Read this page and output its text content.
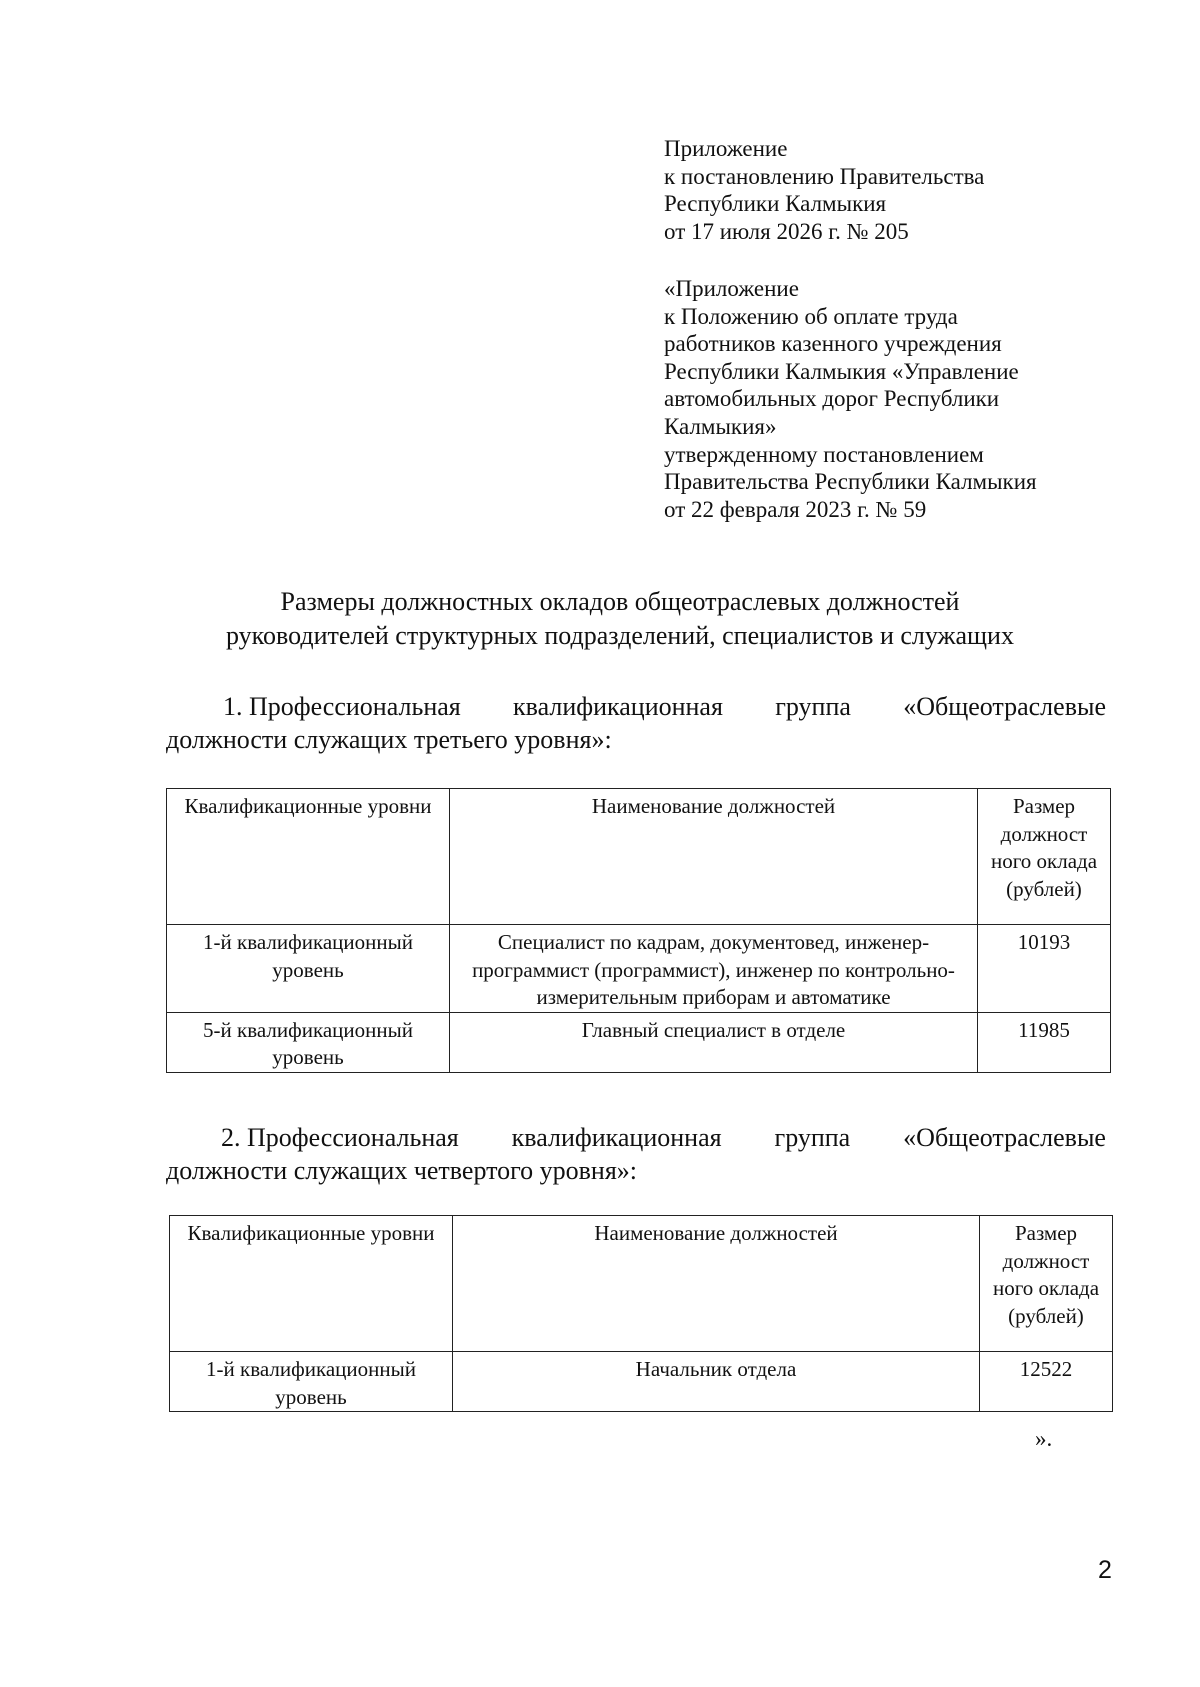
Приложение
к постановлению Правительства
Республики Калмыкия
от 17 июля 2026 г. № 205
«Приложение
к Положению об оплате труда
работников казенного учреждения
Республики Калмыкия «Управление
автомобильных дорог Республики
Калмыкия»
утвержденному постановлением
Правительства Республики Калмыкия
от 22 февраля 2023 г. № 59
Размеры должностных окладов общеотраслевых должностей
руководителей структурных подразделений, специалистов и служащих
1. Профессиональная квалификационная группа «Общеотраслевые
должности служащих третьего уровня»:
Квалификационные уровни	Наименование должностей	Размер должност ного оклада (рублей)
1-й квалификационный уровень	Специалист по кадрам, документовед, инженер-программист (программист), инженер по контрольно-измерительным приборам и автоматике	10193
5-й квалификационный уровень	Главный специалист в отделе	11985
2. Профессиональная квалификационная группа «Общеотраслевые
должности служащих четвертого уровня»:
Квалификационные уровни	Наименование должностей	Размер должност ного оклада (рублей)
1-й квалификационный уровень	Начальник отдела	12522
».
2
